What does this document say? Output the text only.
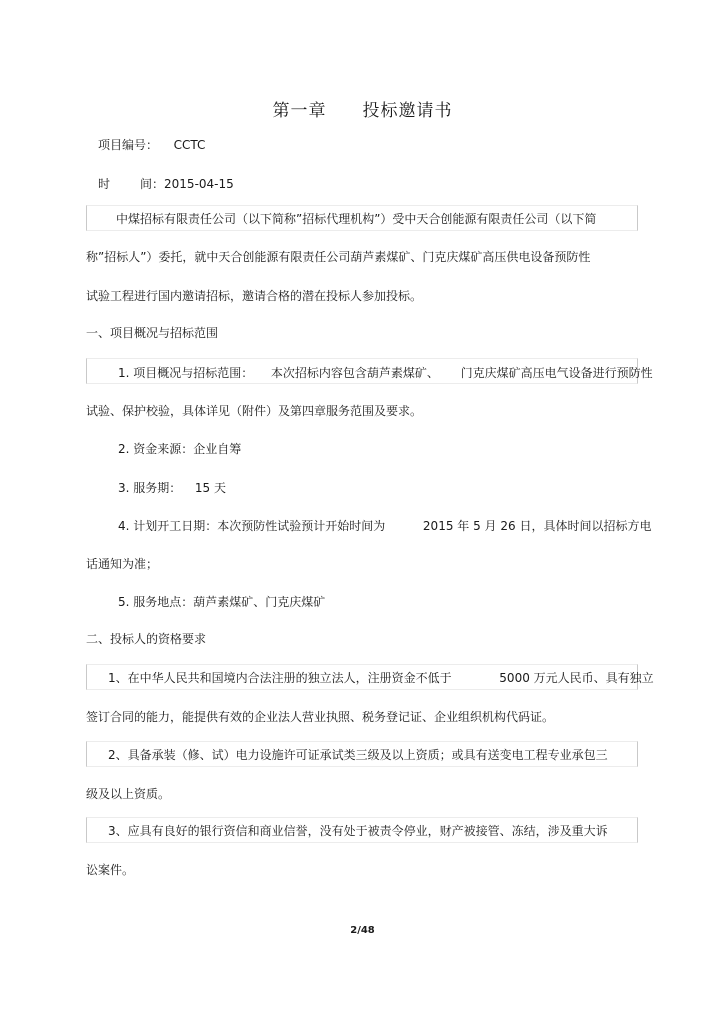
第一章 投标邀请书
项目编号： CCTC
时	间：2015-04-15
中煤招标有限责任公司（以下简称”招标代理机构”）受中天合创能源有限责任公司（以下简
称”招标人”）委托，就中天合创能源有限责任公司葫芦素煤矿、门克庆煤矿高压供电设备预防性
试验工程进行国内邀请招标，邀请合格的潜在投标人参加投标。
一、项目概况与招标范围
1. 项目概况与招标范围： 本次招标内容包含葫芦素煤矿、 门克庆煤矿高压电气设备进行预防性
试验、保护校验，具体详见（附件）及第四章服务范围及要求。
2. 资金来源：企业自筹
3. 服务期： 15 天
4. 计划开工日期：本次预防性试验预计开始时间为	2015 年 5 月 26 日，具体时间以招标方电
话通知为准；
5. 服务地点：葫芦素煤矿、门克庆煤矿
二、投标人的资格要求
1、在中华人民共和国境内合法注册的独立法人，注册资金不低于	5000 万元人民币、具有独立
签订合同的能力，能提供有效的企业法人营业执照、税务登记证、企业组织机构代码证。
2、具备承装（修、试）电力设施许可证承试类三级及以上资质；或具有送变电工程专业承包三
级及以上资质。
3、应具有良好的银行资信和商业信誉，没有处于被责令停业，财产被接管、冻结，涉及重大诉
讼案件。
2/48
